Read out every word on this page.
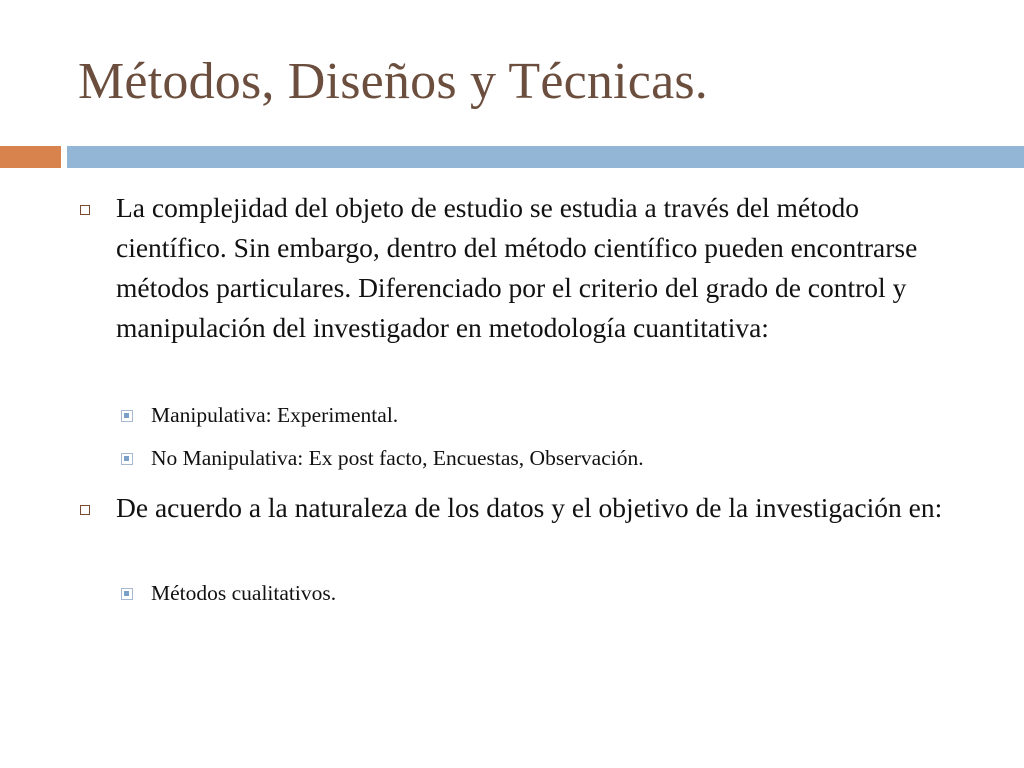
Métodos, Diseños y Técnicas.
La complejidad del objeto de estudio se estudia a través del método científico. Sin embargo, dentro del método científico pueden encontrarse métodos particulares. Diferenciado por el criterio del grado de control y manipulación del investigador en metodología cuantitativa:
Manipulativa: Experimental.
No Manipulativa: Ex post facto, Encuestas, Observación.
De acuerdo a la naturaleza de los datos y el objetivo de la investigación en:
Métodos cualitativos.
